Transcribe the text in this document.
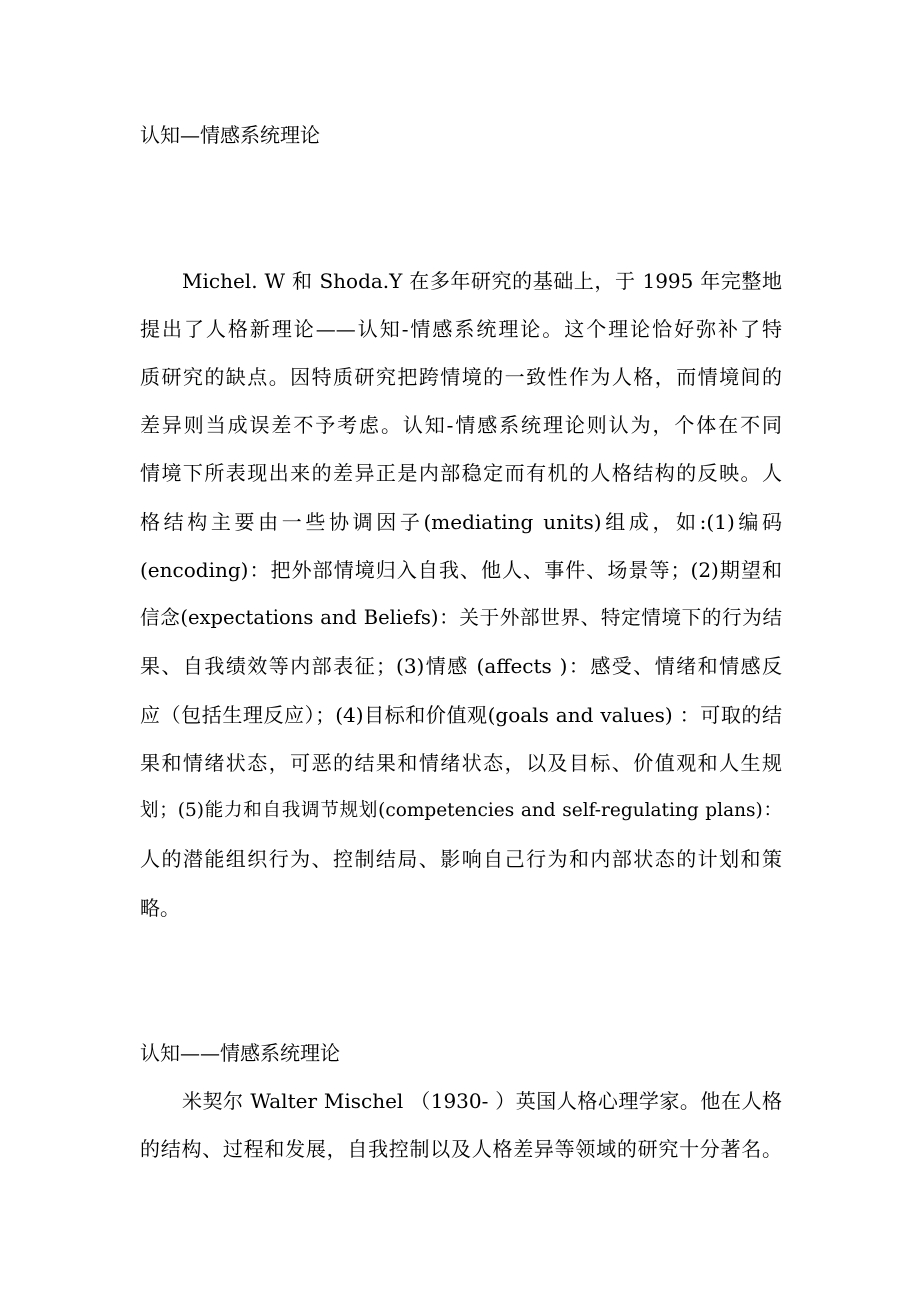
认知—情感系统理论
Michel. W 和 Shoda.Y 在多年研究的基础上，于 1995 年完整地
提出了人格新理论——认知-情感系统理论。这个理论恰好弥补了特
质研究的缺点。因特质研究把跨情境的一致性作为人格，而情境间的
差异则当成误差不予考虑。认知-情感系统理论则认为，个体在不同
情境下所表现出来的差异正是内部稳定而有机的人格结构的反映。人
格结构主要由一些协调因子(mediating units)组成，如:(1)编码
(encoding)：把外部情境归入自我、他人、事件、场景等；(2)期望和
信念(expectations and Beliefs)：关于外部世界、特定情境下的行为结
果、自我绩效等内部表征；(3)情感 (affects )：感受、情绪和情感反
应（包括生理反应）；(4)目标和价值观(goals and values) ：可取的结
果和情绪状态，可恶的结果和情绪状态，以及目标、价值观和人生规
划；(5)能力和自我调节规划(competencies and self-regulating plans)：
人的潜能组织行为、控制结局、影响自己行为和内部状态的计划和策
略。
认知——情感系统理论
米契尔 Walter Mischel （1930- ）英国人格心理学家。他在人格
的结构、过程和发展，自我控制以及人格差异等领域的研究十分著名。
